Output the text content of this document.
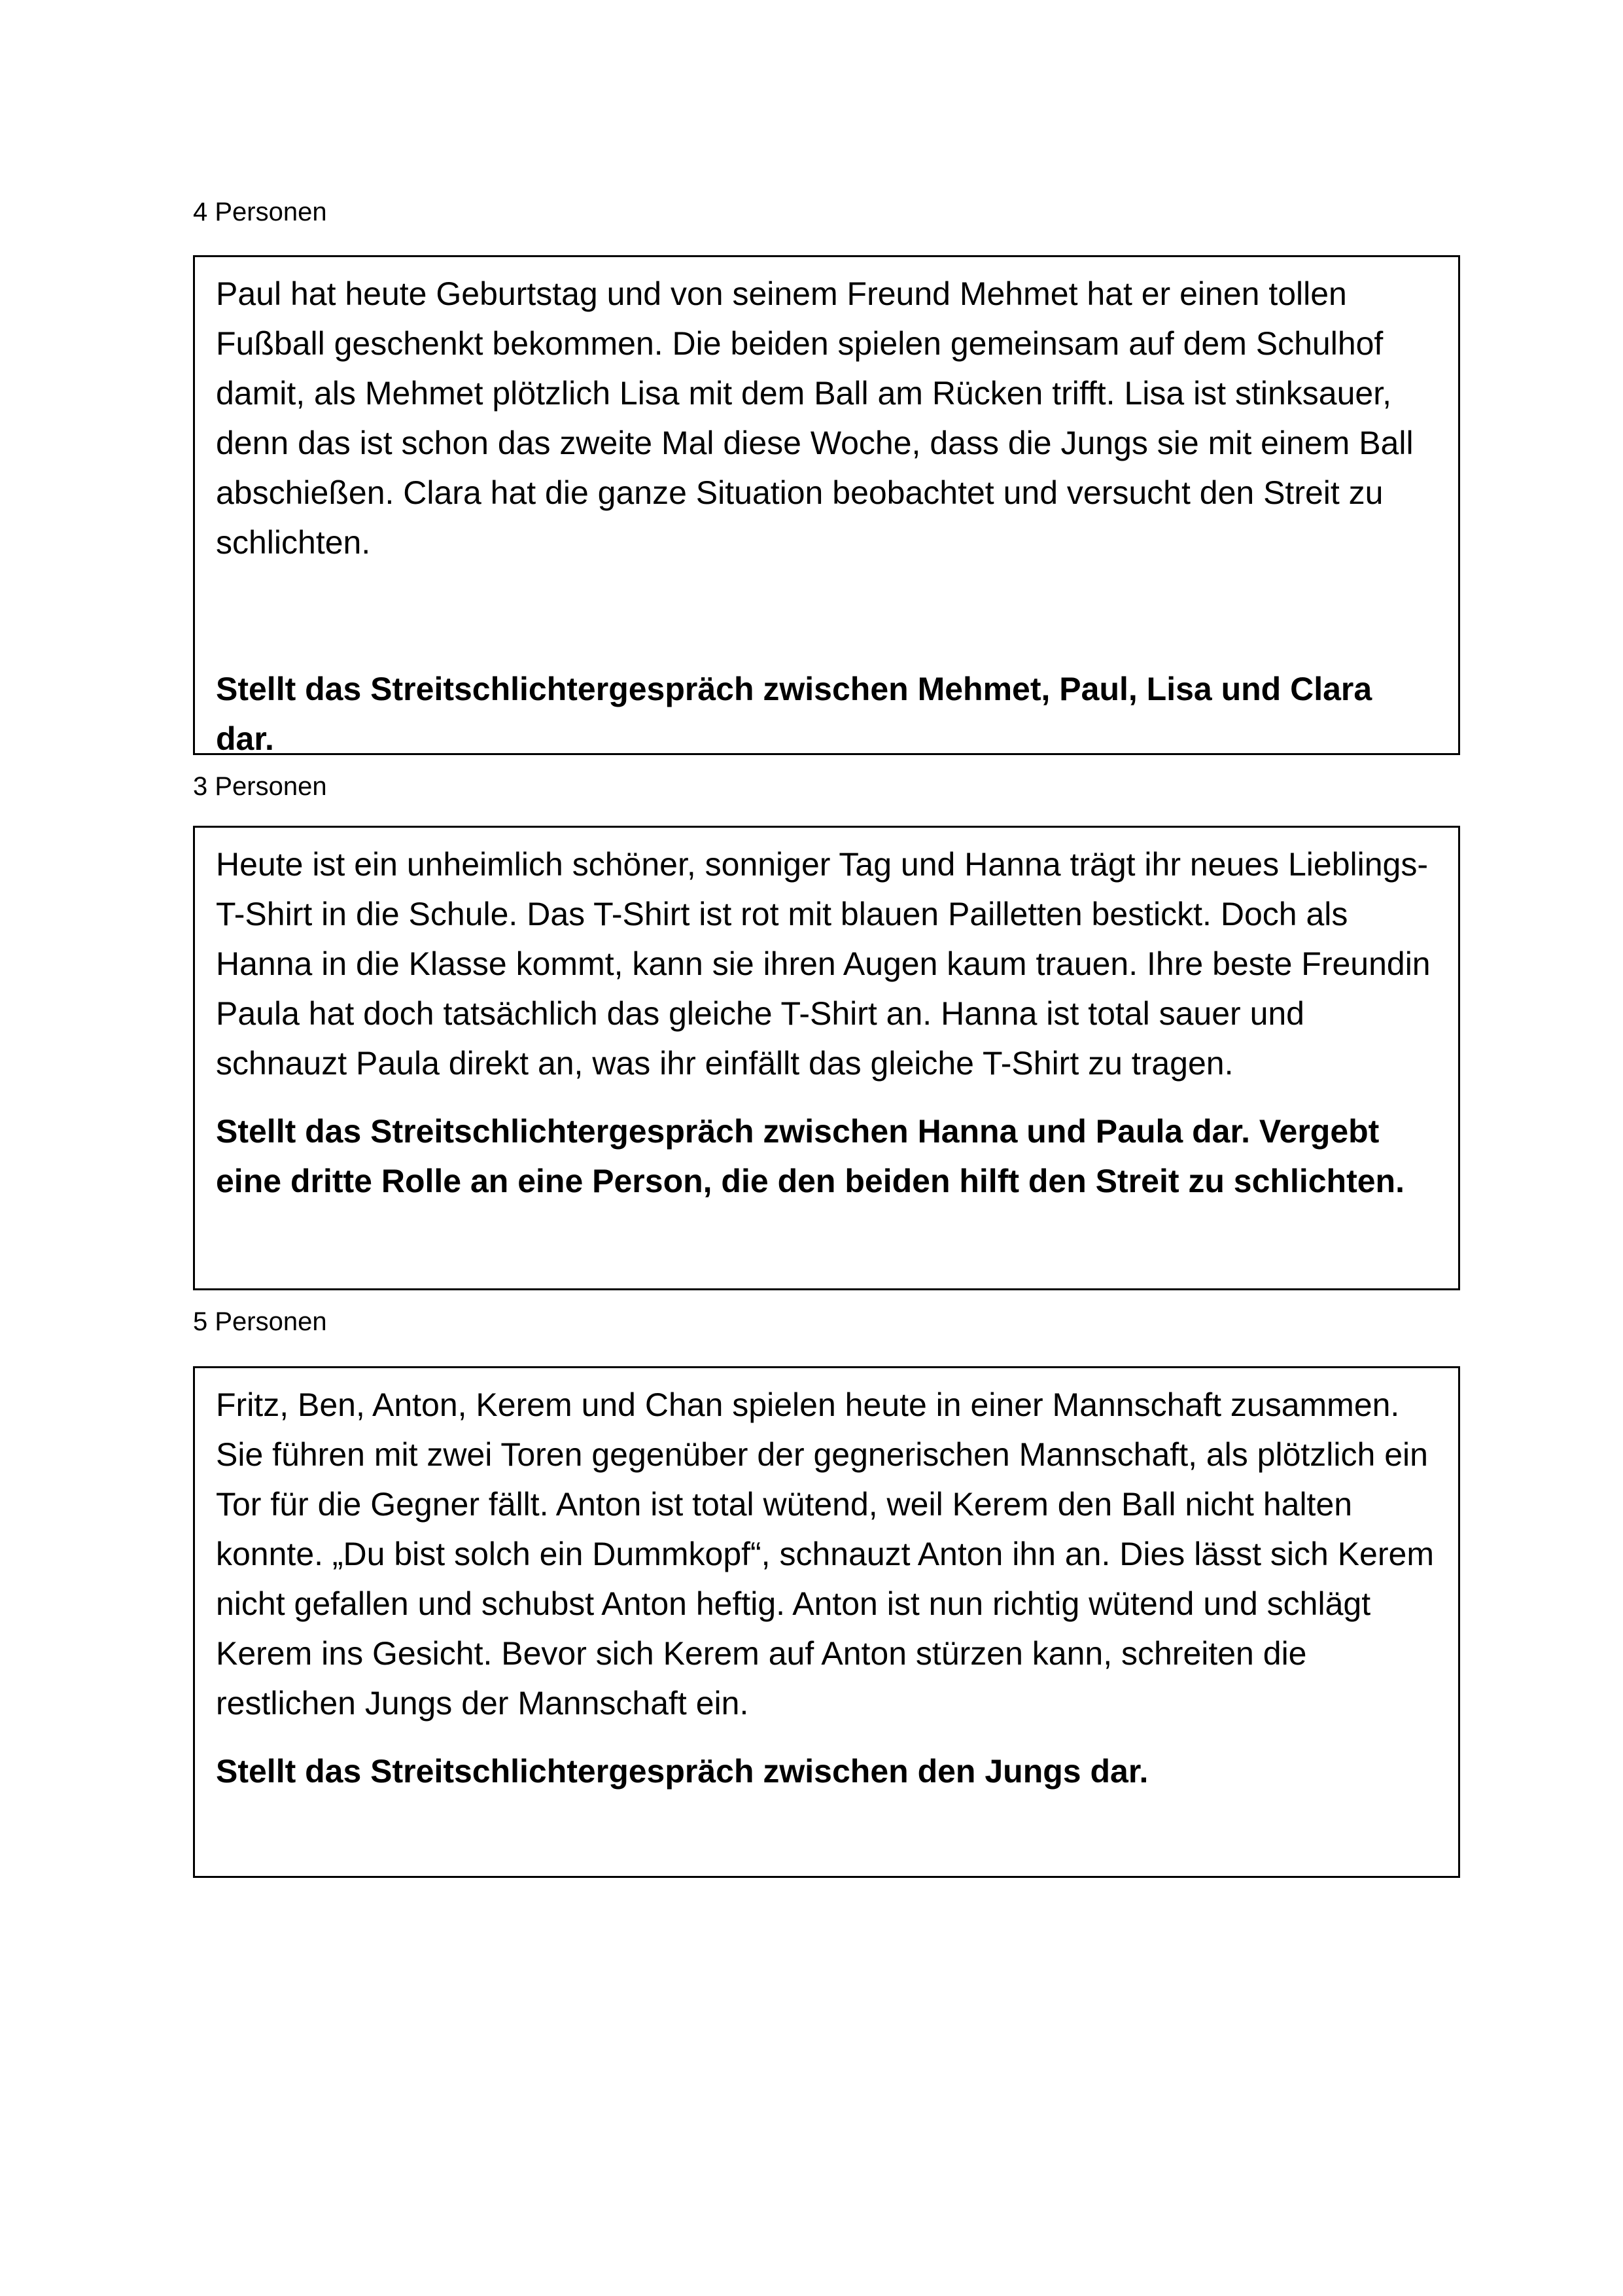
4 Personen

Paul hat heute Geburtstag und von seinem Freund Mehmet hat er einen tollen Fußball geschenkt bekommen. Die beiden spielen gemeinsam auf dem Schulhof damit, als Mehmet plötzlich Lisa mit dem Ball am Rücken trifft. Lisa ist stinksauer, denn das ist schon das zweite Mal diese Woche, dass die Jungs sie mit einem Ball abschießen. Clara hat die ganze Situation beobachtet und versucht den Streit zu schlichten.

Stellt das Streitschlichtergespräch zwischen Mehmet, Paul, Lisa und Clara dar.

3 Personen

Heute ist ein unheimlich schöner, sonniger Tag und Hanna trägt ihr neues Lieblings-T-Shirt in die Schule. Das T-Shirt ist rot mit blauen Pailletten bestickt. Doch als Hanna in die Klasse kommt, kann sie ihren Augen kaum trauen. Ihre beste Freundin Paula hat doch tatsächlich das gleiche T-Shirt an. Hanna ist total sauer und schnauzt Paula direkt an, was ihr einfällt das gleiche T-Shirt zu tragen.

Stellt das Streitschlichtergespräch zwischen Hanna und Paula dar. Vergebt eine dritte Rolle an eine Person, die den beiden hilft den Streit zu schlichten.

5 Personen

Fritz, Ben, Anton, Kerem und Chan spielen heute in einer Mannschaft zusammen. Sie führen mit zwei Toren gegenüber der gegnerischen Mannschaft, als plötzlich ein Tor für die Gegner fällt. Anton ist total wütend, weil Kerem den Ball nicht halten konnte. „Du bist solch ein Dummkopf“, schnauzt Anton ihn an. Dies lässt sich Kerem nicht gefallen und schubst Anton heftig. Anton ist nun richtig wütend und schlägt Kerem ins Gesicht. Bevor sich Kerem auf Anton stürzen kann, schreiten die restlichen Jungs der Mannschaft ein.

Stellt das Streitschlichtergespräch zwischen den Jungs dar.
